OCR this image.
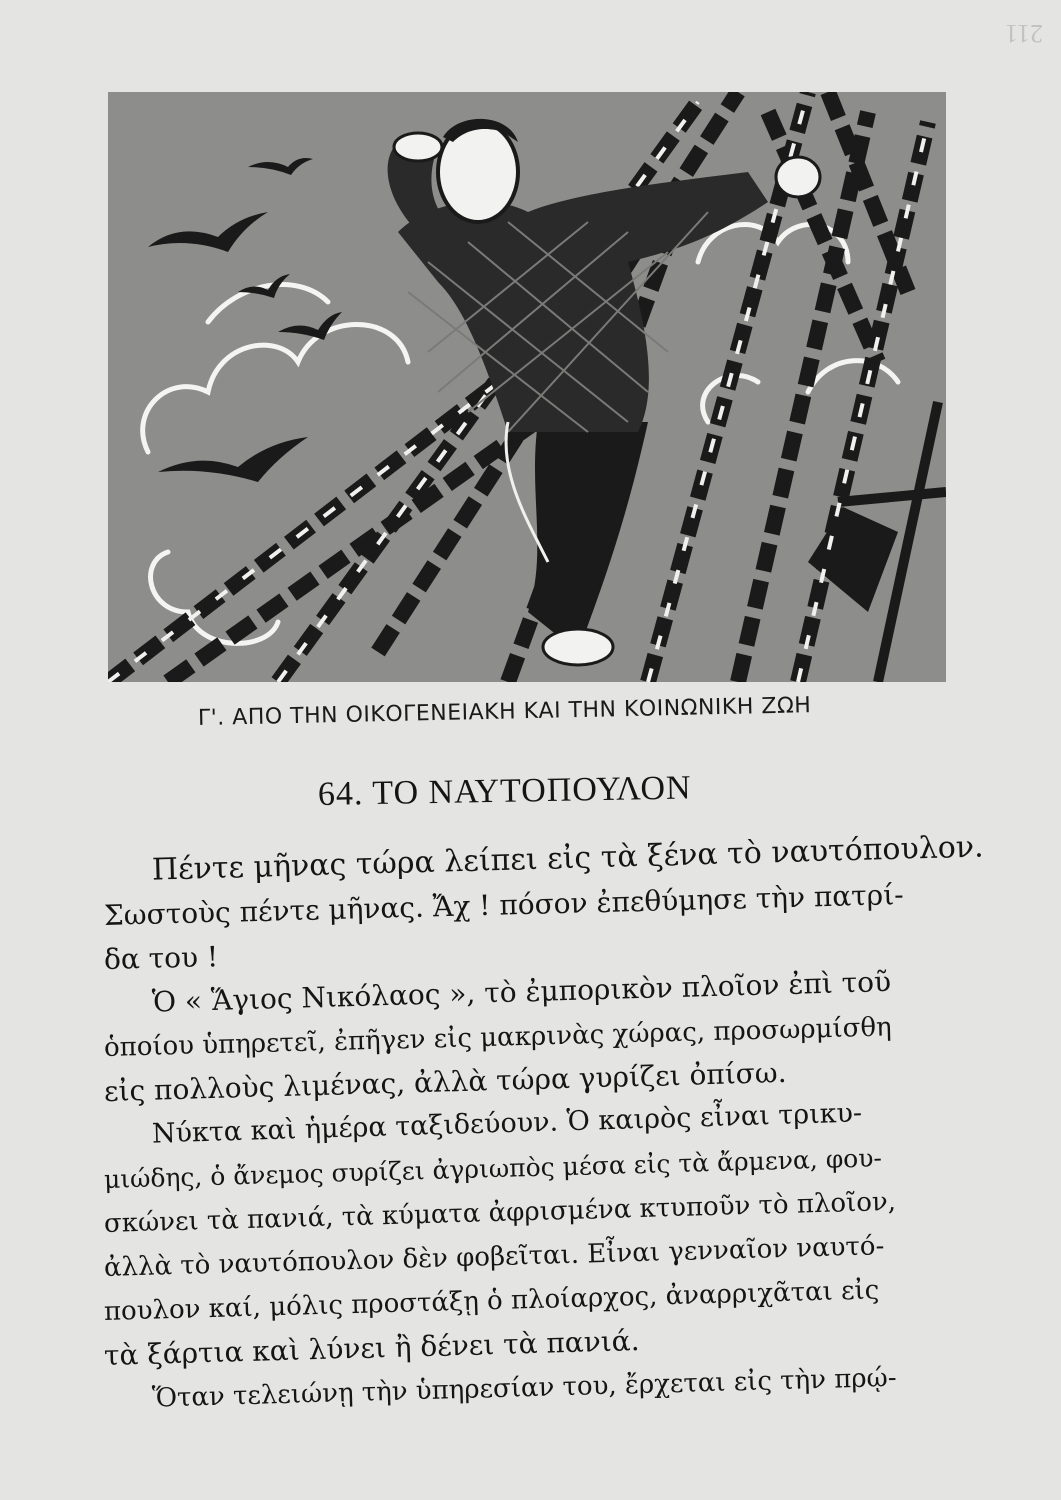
211
Γ'. ΑΠΟ ΤΗΝ ΟΙΚΟΓΕΝΕΙΑΚΗ ΚΑΙ ΤΗΝ ΚΟΙΝΩΝΙΚΗ ΖΩΗ
64. ΤΟ ΝΑΥΤΟΠΟΥΛΟΝ
Πέντε μῆνας τώρα λείπει εἰς τὰ ξένα τὸ ναυτόπουλον.
Σωστοὺς πέντε μῆνας. Ἄχ ! πόσον ἐπεθύμησε τὴν πατρί-
δα του !
Ὁ « Ἅγιος Νικόλαος », τὸ ἐμπορικὸν πλοῖον ἐπὶ τοῦ
ὁποίου ὑπηρετεῖ, ἐπῆγεν εἰς μακρινὰς χώρας, προσωρμίσθη
εἰς πολλοὺς λιμένας, ἀλλὰ τώρα γυρίζει ὀπίσω.
Νύκτα καὶ ἡμέρα ταξιδεύουν. Ὁ καιρὸς εἶναι τρικυ-
μιώδης, ὁ ἄνεμος συρίζει ἀγριωπὸς μέσα εἰς τὰ ἄρμενα, φου-
σκώνει τὰ πανιά, τὰ κύματα ἀφρισμένα κτυποῦν τὸ πλοῖον,
ἀλλὰ τὸ ναυτόπουλον δὲν φοβεῖται. Εἶναι γενναῖον ναυτό-
πουλον καί, μόλις προστάξῃ ὁ πλοίαρχος, ἀναρριχᾶται εἰς
τὰ ξάρτια καὶ λύνει ἢ δένει τὰ πανιά.
Ὅταν τελειώνῃ τὴν ὑπηρεσίαν του, ἔρχεται εἰς τὴν πρῴ-
